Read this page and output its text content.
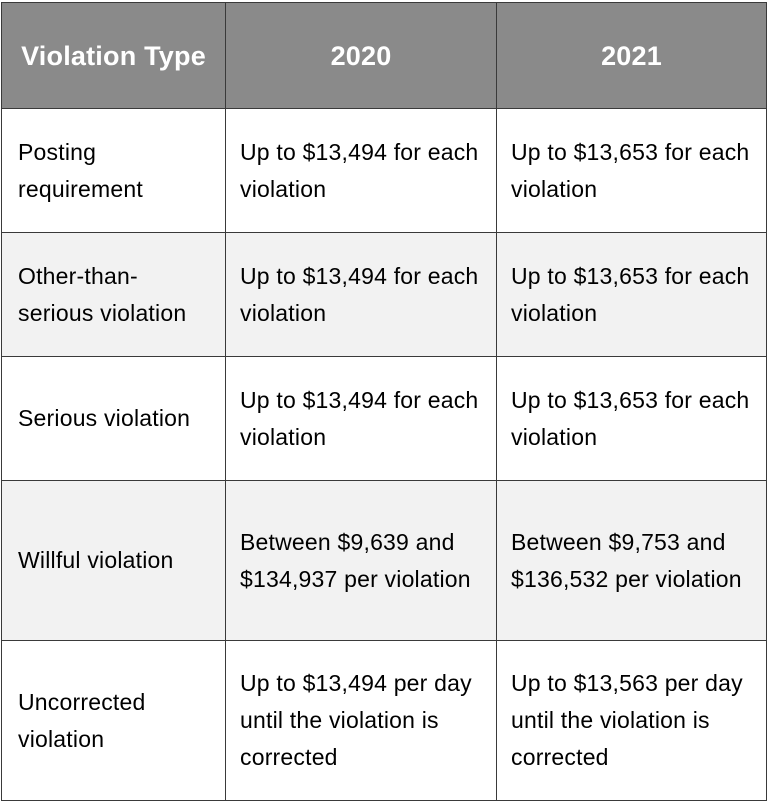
Violation Type	2020	2021
Posting requirement	Up to $13,494 for each violation	Up to $13,653 for each violation
Other-than-serious violation	Up to $13,494 for each violation	Up to $13,653 for each violation
Serious violation	Up to $13,494 for each violation	Up to $13,653 for each violation
Willful violation	Between $9,639 and $134,937 per violation	Between $9,753 and $136,532 per violation
Uncorrected violation	Up to $13,494 per day until the violation is corrected	Up to $13,563 per day until the violation is corrected
